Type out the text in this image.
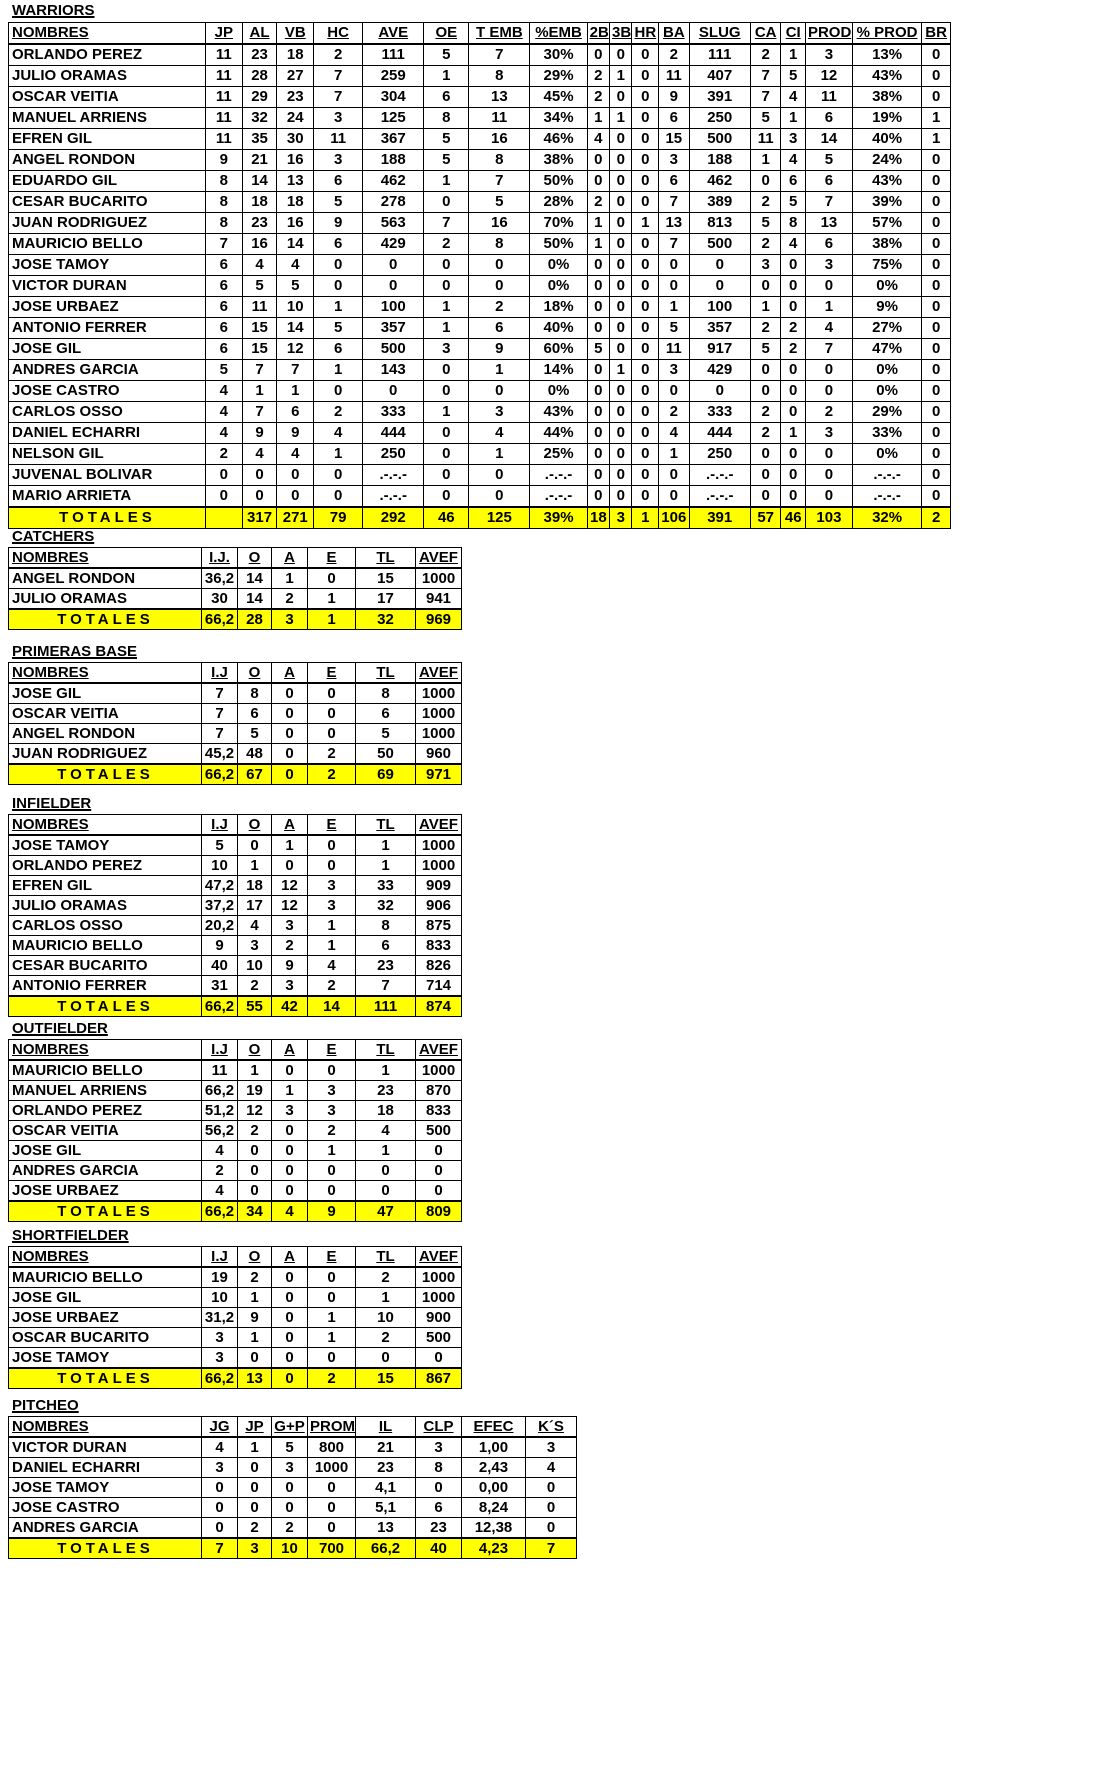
WARRIORS
NOMBRES	JP	AL	VB	HC	AVE	OE	T EMB	%EMB	2B	3B	HR	BA	SLUG	CA	CI	PROD	% PROD	BR
ORLANDO PEREZ	11	23	18	2	111	5	7	30%	0	0	0	2	111	2	1	3	13%	0
JULIO ORAMAS	11	28	27	7	259	1	8	29%	2	1	0	11	407	7	5	12	43%	0
OSCAR VEITIA	11	29	23	7	304	6	13	45%	2	0	0	9	391	7	4	11	38%	0
MANUEL ARRIENS	11	32	24	3	125	8	11	34%	1	1	0	6	250	5	1	6	19%	1
EFREN GIL	11	35	30	11	367	5	16	46%	4	0	0	15	500	11	3	14	40%	1
ANGEL RONDON	9	21	16	3	188	5	8	38%	0	0	0	3	188	1	4	5	24%	0
EDUARDO GIL	8	14	13	6	462	1	7	50%	0	0	0	6	462	0	6	6	43%	0
CESAR BUCARITO	8	18	18	5	278	0	5	28%	2	0	0	7	389	2	5	7	39%	0
JUAN RODRIGUEZ	8	23	16	9	563	7	16	70%	1	0	1	13	813	5	8	13	57%	0
MAURICIO BELLO	7	16	14	6	429	2	8	50%	1	0	0	7	500	2	4	6	38%	0
JOSE TAMOY	6	4	4	0	0	0	0	0%	0	0	0	0	0	3	0	3	75%	0
VICTOR DURAN	6	5	5	0	0	0	0	0%	0	0	0	0	0	0	0	0	0%	0
JOSE URBAEZ	6	11	10	1	100	1	2	18%	0	0	0	1	100	1	0	1	9%	0
ANTONIO FERRER	6	15	14	5	357	1	6	40%	0	0	0	5	357	2	2	4	27%	0
JOSE GIL	6	15	12	6	500	3	9	60%	5	0	0	11	917	5	2	7	47%	0
ANDRES GARCIA	5	7	7	1	143	0	1	14%	0	1	0	3	429	0	0	0	0%	0
JOSE CASTRO	4	1	1	0	0	0	0	0%	0	0	0	0	0	0	0	0	0%	0
CARLOS OSSO	4	7	6	2	333	1	3	43%	0	0	0	2	333	2	0	2	29%	0
DANIEL ECHARRI	4	9	9	4	444	0	4	44%	0	0	0	4	444	2	1	3	33%	0
NELSON GIL	2	4	4	1	250	0	1	25%	0	0	0	1	250	0	0	0	0%	0
JUVENAL BOLIVAR	0	0	0	0	.-.-.-	0	0	.-.-.-	0	0	0	0	.-.-.-	0	0	0	.-.-.-	0
MARIO ARRIETA	0	0	0	0	.-.-.-	0	0	.-.-.-	0	0	0	0	.-.-.-	0	0	0	.-.-.-	0
TOTALES		317	271	79	292	46	125	39%	18	3	1	106	391	57	46	103	32%	2
CATCHERS
NOMBRES	I.J.	O	A	E	TL	AVEF
ANGEL RONDON	36,2	14	1	0	15	1000
JULIO ORAMAS	30	14	2	1	17	941
TOTALES	66,2	28	3	1	32	969
PRIMERAS BASE
NOMBRES	I.J	O	A	E	TL	AVEF
JOSE GIL	7	8	0	0	8	1000
OSCAR VEITIA	7	6	0	0	6	1000
ANGEL RONDON	7	5	0	0	5	1000
JUAN RODRIGUEZ	45,2	48	0	2	50	960
TOTALES	66,2	67	0	2	69	971
INFIELDER
NOMBRES	I.J	O	A	E	TL	AVEF
JOSE TAMOY	5	0	1	0	1	1000
ORLANDO PEREZ	10	1	0	0	1	1000
EFREN GIL	47,2	18	12	3	33	909
JULIO ORAMAS	37,2	17	12	3	32	906
CARLOS OSSO	20,2	4	3	1	8	875
MAURICIO BELLO	9	3	2	1	6	833
CESAR BUCARITO	40	10	9	4	23	826
ANTONIO FERRER	31	2	3	2	7	714
TOTALES	66,2	55	42	14	111	874
OUTFIELDER
NOMBRES	I.J	O	A	E	TL	AVEF
MAURICIO BELLO	11	1	0	0	1	1000
MANUEL ARRIENS	66,2	19	1	3	23	870
ORLANDO PEREZ	51,2	12	3	3	18	833
OSCAR VEITIA	56,2	2	0	2	4	500
JOSE GIL	4	0	0	1	1	0
ANDRES GARCIA	2	0	0	0	0	0
JOSE URBAEZ	4	0	0	0	0	0
TOTALES	66,2	34	4	9	47	809
SHORTFIELDER
NOMBRES	I.J	O	A	E	TL	AVEF
MAURICIO BELLO	19	2	0	0	2	1000
JOSE GIL	10	1	0	0	1	1000
JOSE URBAEZ	31,2	9	0	1	10	900
OSCAR BUCARITO	3	1	0	1	2	500
JOSE TAMOY	3	0	0	0	0	0
TOTALES	66,2	13	0	2	15	867
PITCHEO
NOMBRES	JG	JP	G+P	PROM	IL	CLP	EFEC	K´S
VICTOR DURAN	4	1	5	800	21	3	1,00	3
DANIEL ECHARRI	3	0	3	1000	23	8	2,43	4
JOSE TAMOY	0	0	0	0	4,1	0	0,00	0
JOSE CASTRO	0	0	0	0	5,1	6	8,24	0
ANDRES GARCIA	0	2	2	0	13	23	12,38	0
TOTALES	7	3	10	700	66,2	40	4,23	7
